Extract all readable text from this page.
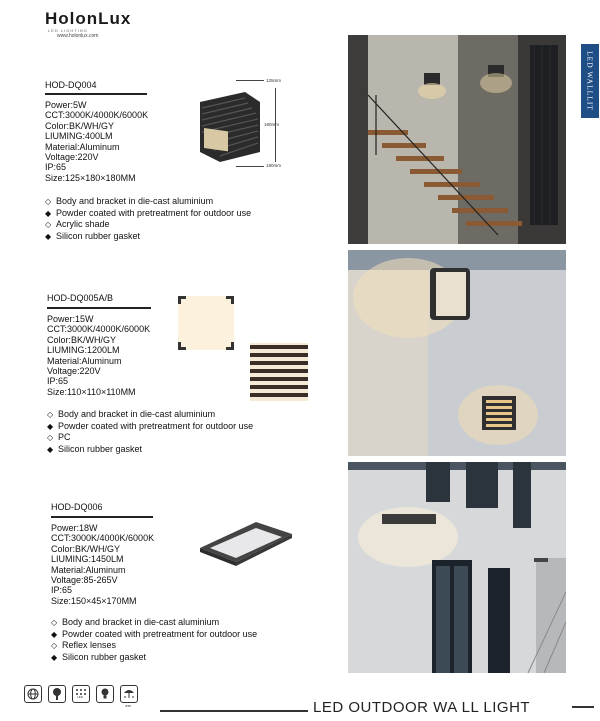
HolonLux
LED LIGHTING
www.holonlux.com
LED WALLLIT
HOD-DQ004
Power:5W
CCT:3000K/4000K/6000K
Color:BK/WH/GY
LIUMING:400LM
Material:Aluminum
Voltage:220V
IP:65
Size:125×180×180MM
◇ Body and bracket in die-cast aluminium
◆ Powder coated with pretreatment for outdoor use
◇ Acrylic shade
◆ Silicon rubber gasket
125mm
180mm
180mm
HOD-DQ005A/B
Power:15W
CCT:3000K/4000K/6000K
Color:BK/WH/GY
LIUMING:1200LM
Material:Aluminum
Voltage:220V
IP:65
Size:110×110×110MM
◇ Body and bracket in die-cast aluminium
◆ Powder coated with pretreatment for outdoor use
◇ PC
◆ Silicon rubber gasket
HOD-DQ006
Power:18W
CCT:3000K/4000K/6000K
Color:BK/WH/GY
LIUMING:1450LM
Material:Aluminum
Voltage:85-265V
IP:65
Size:150×45×170MM
◇ Body and bracket in die-cast aluminium
◆ Powder coated with pretreatment for outdoor use
◇ Reflex lenses
◆ Silicon rubber gasket
LED
IP65	LED OUTDOOR WA LL LIGHT
